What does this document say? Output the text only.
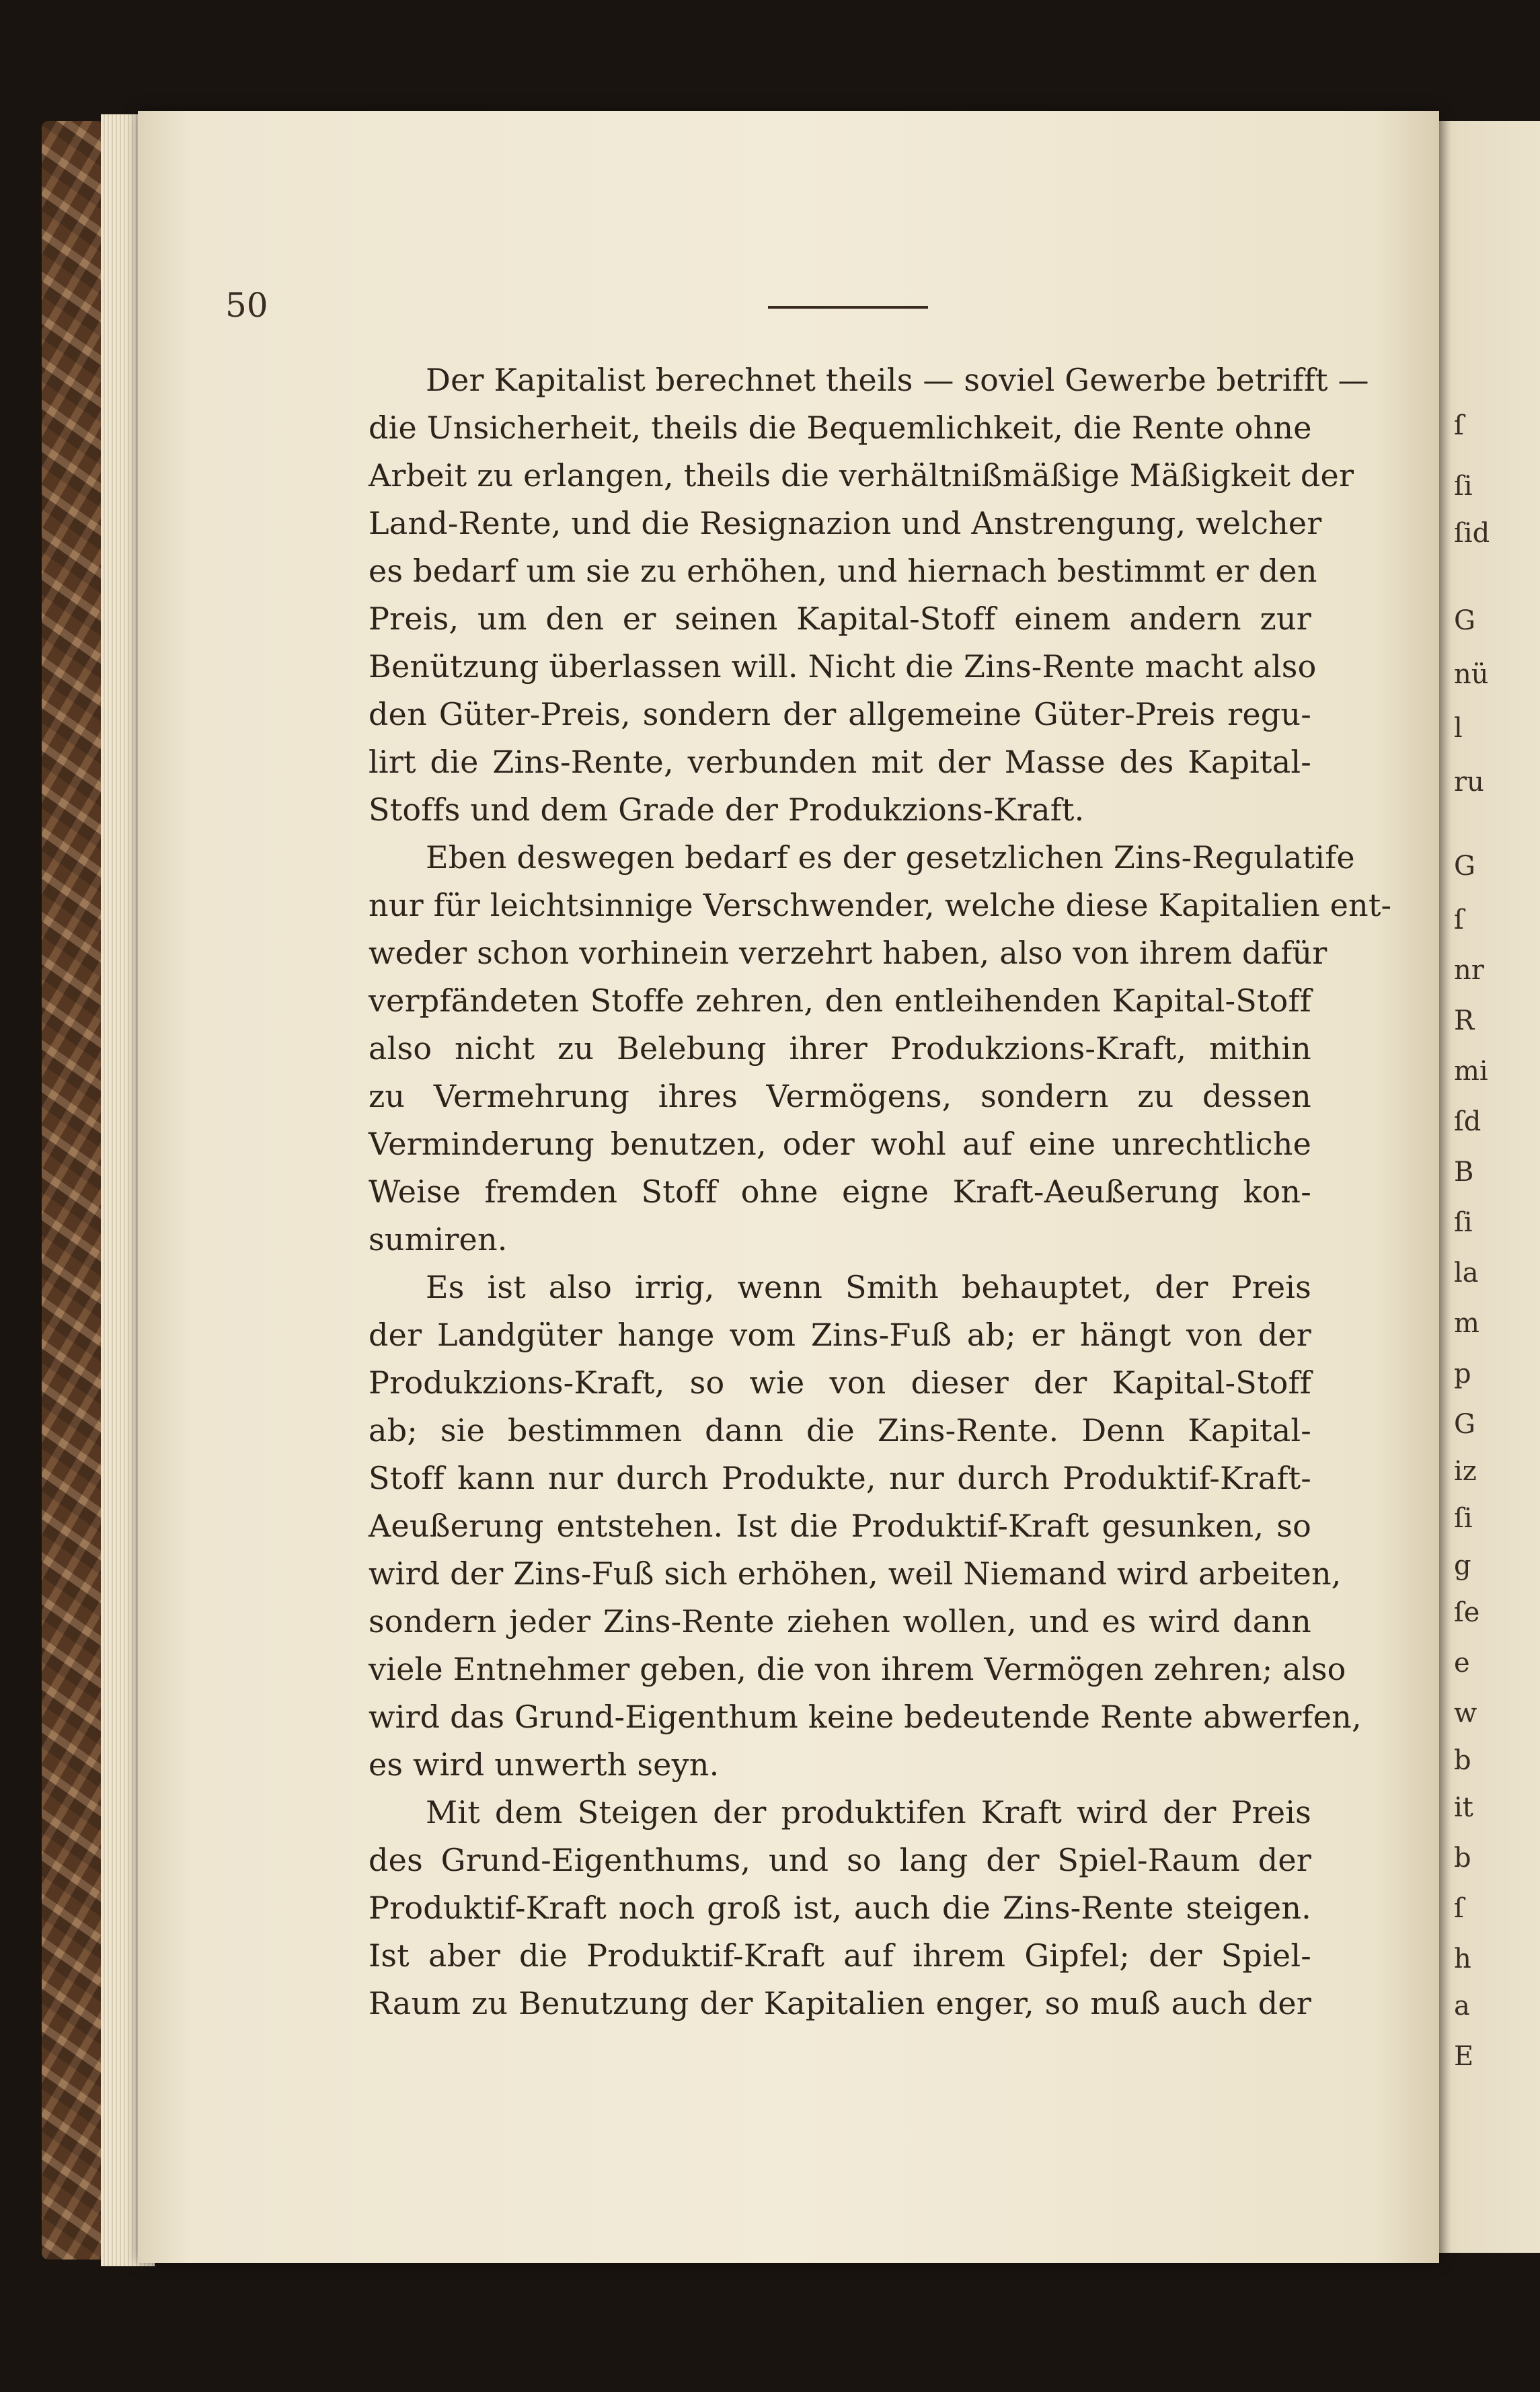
ſ
ſi
ſid
G
nü
l
ru
G
ſ
nr
R
mi
ſd
B
ſi
la
m
p
G
iz
ſi
g
ſe
e
w
b
it
b
ſ
h
a
E
50
Der Kapitalist berechnet theils — soviel Gewerbe betrifft —
die Unsicherheit, theils die Bequemlichkeit, die Rente ohne
Arbeit zu erlangen, theils die verhältnißmäßige Mäßigkeit der
Land-Rente, und die Resignazion und Anstrengung, welcher
es bedarf um sie zu erhöhen, und hiernach bestimmt er den
Preis, um den er seinen Kapital-Stoff einem andern zur
Benützung überlassen will. Nicht die Zins-Rente macht also
den Güter-Preis, sondern der allgemeine Güter-Preis regu-
lirt die Zins-Rente, verbunden mit der Masse des Kapital-
Stoffs und dem Grade der Produkzions-Kraft.
Eben deswegen bedarf es der gesetzlichen Zins-Regulatife
nur für leichtsinnige Verschwender, welche diese Kapitalien ent-
weder schon vorhinein verzehrt haben, also von ihrem dafür
verpfändeten Stoffe zehren, den entleihenden Kapital-Stoff
also nicht zu Belebung ihrer Produkzions-Kraft, mithin
zu Vermehrung ihres Vermögens, sondern zu dessen
Verminderung benutzen, oder wohl auf eine unrechtliche
Weise fremden Stoff ohne eigne Kraft-Aeußerung kon-
sumiren.
Es ist also irrig, wenn Smith behauptet, der Preis
der Landgüter hange vom Zins-Fuß ab; er hängt von der
Produkzions-Kraft, so wie von dieser der Kapital-Stoff
ab; sie bestimmen dann die Zins-Rente. Denn Kapital-
Stoff kann nur durch Produkte, nur durch Produktif-Kraft-
Aeußerung entstehen. Ist die Produktif-Kraft gesunken, so
wird der Zins-Fuß sich erhöhen, weil Niemand wird arbeiten,
sondern jeder Zins-Rente ziehen wollen, und es wird dann
viele Entnehmer geben, die von ihrem Vermögen zehren; also
wird das Grund-Eigenthum keine bedeutende Rente abwerfen,
es wird unwerth seyn.
Mit dem Steigen der produktifen Kraft wird der Preis
des Grund-Eigenthums, und so lang der Spiel-Raum der
Produktif-Kraft noch groß ist, auch die Zins-Rente steigen.
Ist aber die Produktif-Kraft auf ihrem Gipfel; der Spiel-
Raum zu Benutzung der Kapitalien enger, so muß auch der
